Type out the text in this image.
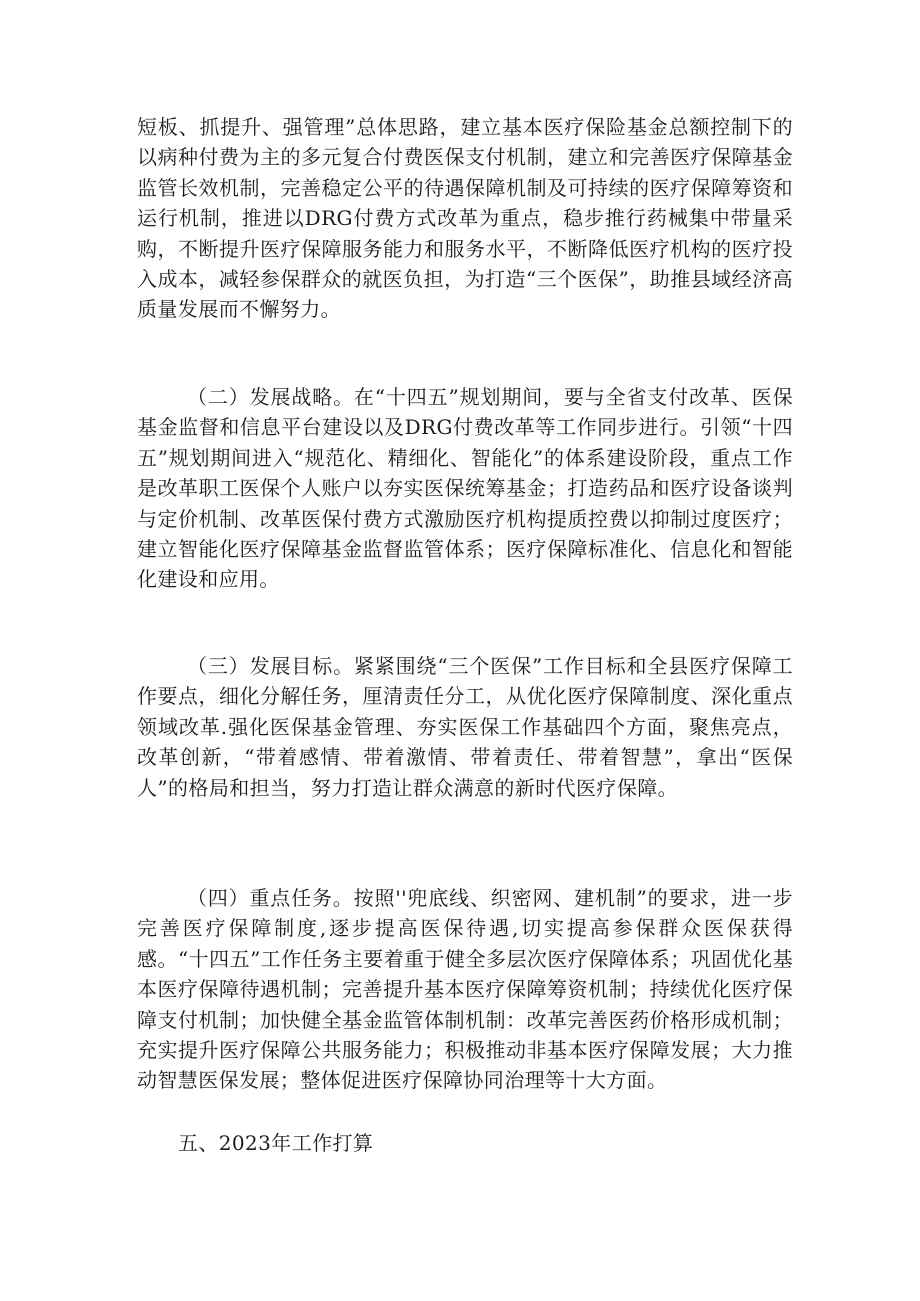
短板、抓提升、强管理”总体思路，建立基本医疗保险基金总额控制下的以病种付费为主的多元复合付费医保支付机制，建立和完善医疗保障基金监管长效机制，完善稳定公平的待遇保障机制及可持续的医疗保障筹资和运行机制，推进以DRG付费方式改革为重点，稳步推行药械集中带量采购，不断提升医疗保障服务能力和服务水平，不断降低医疗机构的医疗投入成本，减轻参保群众的就医负担，为打造“三个医保”，助推县域经济高质量发展而不懈努力。

（二）发展战略。在“十四五”规划期间，要与全省支付改革、医保基金监督和信息平台建设以及DRG付费改革等工作同步进行。引领“十四五”规划期间进入“规范化、精细化、智能化”的体系建设阶段，重点工作是改革职工医保个人账户以夯实医保统筹基金；打造药品和医疗设备谈判与定价机制、改革医保付费方式激励医疗机构提质控费以抑制过度医疗；建立智能化医疗保障基金监督监管体系；医疗保障标准化、信息化和智能化建设和应用。

（三）发展目标。紧紧围绕“三个医保”工作目标和全县医疗保障工作要点，细化分解任务，厘清责任分工，从优化医疗保障制度、深化重点领域改革.强化医保基金管理、夯实医保工作基础四个方面，聚焦亮点，改革创新，“带着感情、带着激情、带着责任、带着智慧”，拿出“医保人”的格局和担当，努力打造让群众满意的新时代医疗保障。

（四）重点任务。按照''兜底线、织密网、建机制”的要求，进一步完善医疗保障制度,逐步提高医保待遇,切实提高参保群众医保获得感。“十四五”工作任务主要着重于健全多层次医疗保障体系；巩固优化基本医疗保障待遇机制；完善提升基本医疗保障筹资机制；持续优化医疗保障支付机制；加快健全基金监管体制机制：改革完善医药价格形成机制；充实提升医疗保障公共服务能力；积极推动非基本医疗保障发展；大力推动智慧医保发展；整体促进医疗保障协同治理等十大方面。

五、2023年工作打算
